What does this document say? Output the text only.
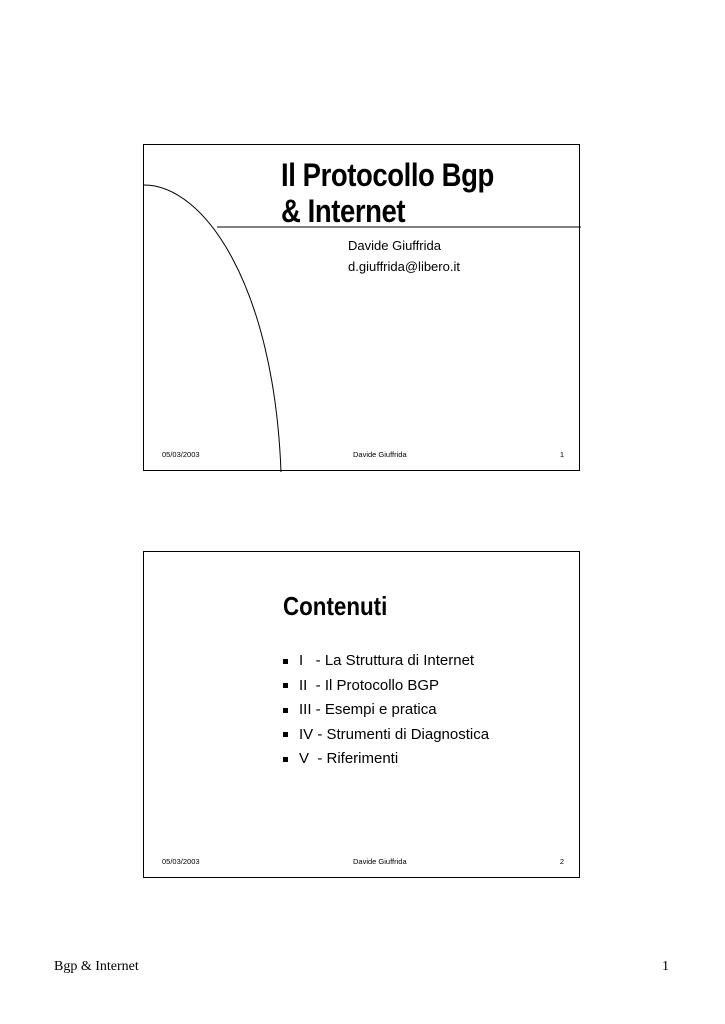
Il Protocollo Bgp
& Internet
Davide Giuffrida
d.giuffrida@libero.it
05/03/2003	Davide Giuffrida	1
Contenuti
I   - La Struttura di Internet
II  - Il Protocollo BGP
III - Esempi e pratica
IV - Strumenti di Diagnostica
V  - Riferimenti
05/03/2003	Davide Giuffrida	2
Bgp & Internet	1
